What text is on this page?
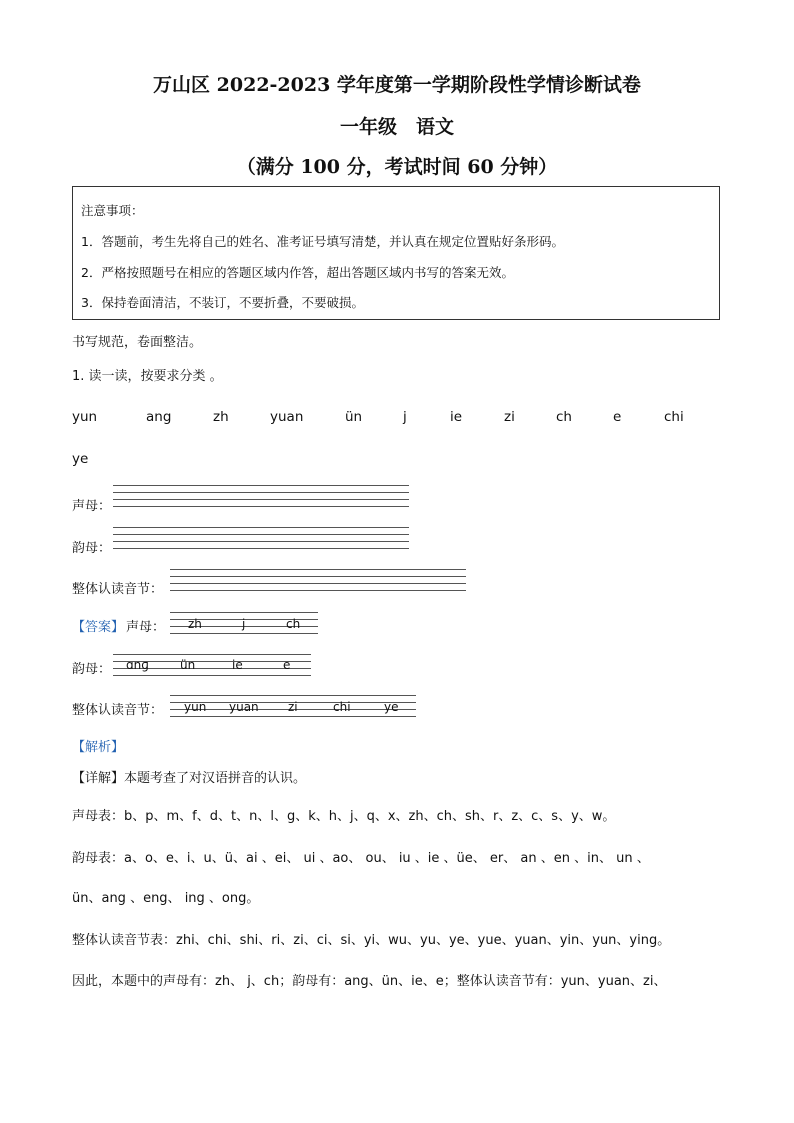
万山区 2022-2023 学年度第一学期阶段性学情诊断试卷
一年级　语文
（满分 100 分，考试时间 60 分钟）
注意事项：
1．答题前，考生先将自己的姓名、准考证号填写清楚，并认真在规定位置贴好条形码。
2．严格按照题号在相应的答题区域内作答，超出答题区域内书写的答案无效。
3．保持卷面清洁，不装订，不要折叠，不要破损。
书写规范，卷面整洁。
1. 读一读，按要求分类 。
yun	ang	zh	yuan	ün	j	ie	zi	ch	e	chi
ye
声母：
韵母：
整体认读音节：
【答案】 声母： zh	j	ch
韵母： ɑnɡ	ün	ie	e
整体认读音节： yun yuan zi	chi	ye
【解析】
【详解】本题考查了对汉语拼音的认识。
声母表：b、p、m、f、d、t、n、l、g、k、h、j、q、x、zh、ch、sh、r、z、c、s、y、w。
韵母表：a、o、e、i、u、ü、ai 、ei、 ui 、ao、 ou、 iu 、ie 、üe、 er、 an 、en 、in、 un 、
ün、ang 、eng、 ing 、ong。
整体认读音节表：zhi、chi、shi、ri、zi、ci、si、yi、wu、yu、ye、yue、yuan、yin、yun、ying。
因此，本题中的声母有：zh、 j、ch；韵母有：ang、ün、ie、e；整体认读音节有：yun、yuan、zi、
